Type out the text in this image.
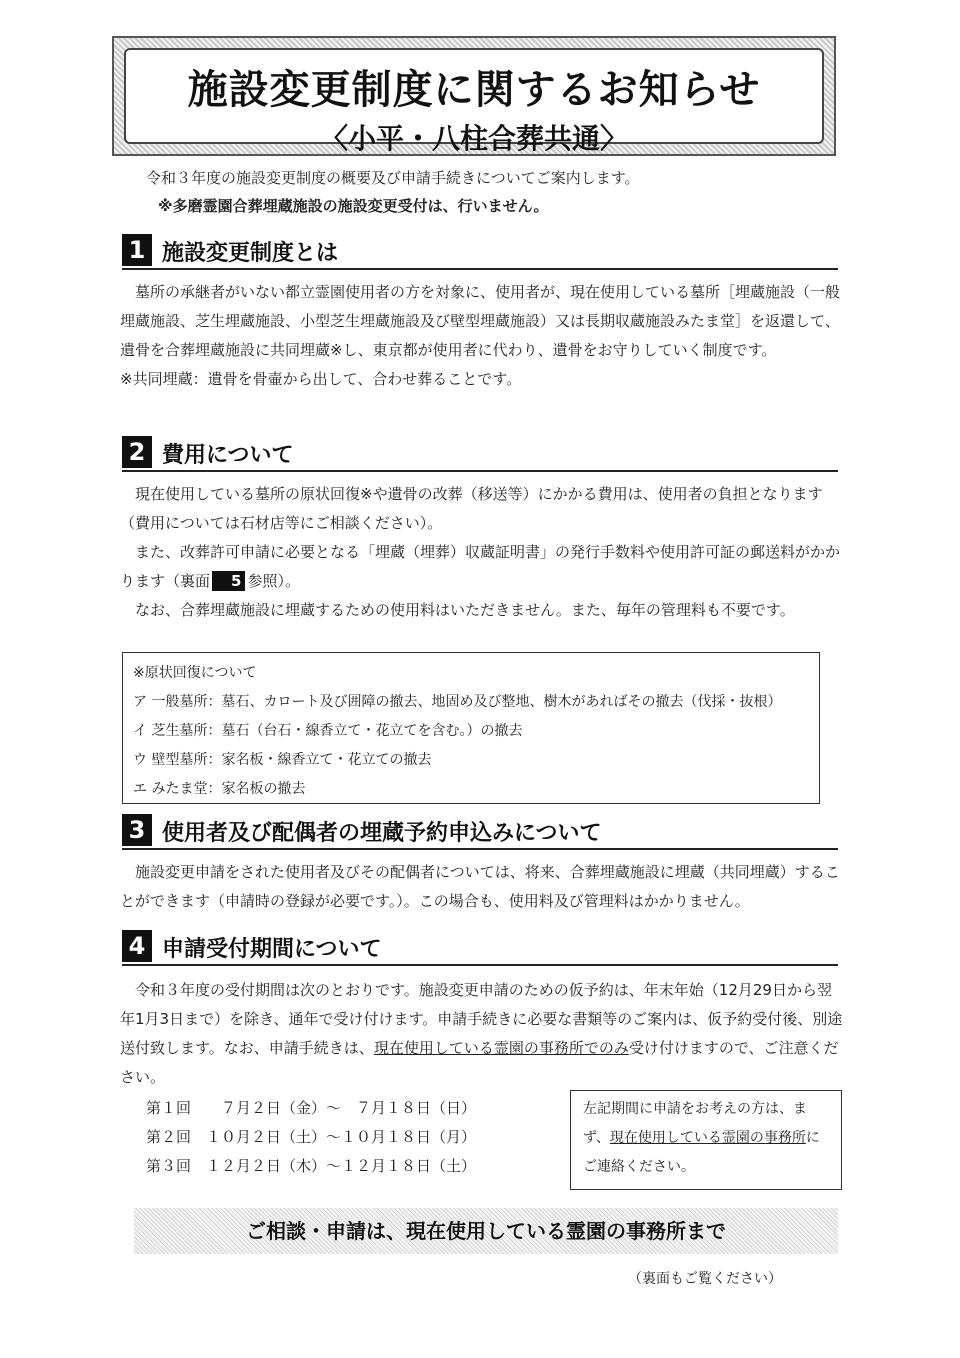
施設変更制度に関するお知らせ
〈小平・八柱合葬共通〉
令和３年度の施設変更制度の概要及び申請手続きについてご案内します。
※多磨霊園合葬埋蔵施設の施設変更受付は、行いません。
1 施設変更制度とは

墓所の承継者がいない都立霊園使用者の方を対象に、使用者が、現在使用している墓所［埋蔵施設（一般埋蔵施設、芝生埋蔵施設、小型芝生埋蔵施設及び壁型埋蔵施設）又は長期収蔵施設みたま堂］を返還して、遺骨を合葬埋蔵施設に共同埋蔵※し、東京都が使用者に代わり、遺骨をお守りしていく制度です。

※共同埋蔵：遺骨を骨壷から出して、合わせ葬ることです。

2 費用について

現在使用している墓所の原状回復※や遺骨の改葬（移送等）にかかる費用は、使用者の負担となります（費用については石材店等にご相談ください）。

また、改葬許可申請に必要となる「埋蔵（埋葬）収蔵証明書」の発行手数料や使用許可証の郵送料がかかります（裏面 5 参照）。

なお、合葬埋蔵施設に埋蔵するための使用料はいただきません。また、毎年の管理料も不要です。

※原状回復について
ア 一般墓所：墓石、カロート及び囲障の撤去、地固め及び整地、樹木があればその撤去（伐採・抜根）
イ 芝生墓所：墓石（台石・線香立て・花立てを含む。）の撤去
ウ 壁型墓所：家名板・線香立て・花立ての撤去
エ みたま堂：家名板の撤去
3 使用者及び配偶者の埋蔵予約申込みについて

施設変更申請をされた使用者及びその配偶者については、将来、合葬埋蔵施設に埋蔵（共同埋蔵）することができます（申請時の登録が必要です。）。この場合も、使用料及び管理料はかかりません。

4 申請受付期間について

令和３年度の受付期間は次のとおりです。施設変更申請のための仮予約は、年末年始（12月29日から翌年1月3日まで）を除き、通年で受け付けます。申請手続きに必要な書類等のご案内は、仮予約受付後、別途送付致します。なお、申請手続きは、現在使用している霊園の事務所でのみ受け付けますので、ご注意ください。

第１回　　７月２日（金）～　７月１８日（日）
第２回　１０月２日（土）～１０月１８日（月）
第３回　１２月２日（木）～１２月１８日（土）
左記期間に申請をお考えの方は、まず、現在使用している霊園の事務所にご連絡ください。
ご相談・申請は、現在使用している霊園の事務所まで
（裏面もご覧ください）
